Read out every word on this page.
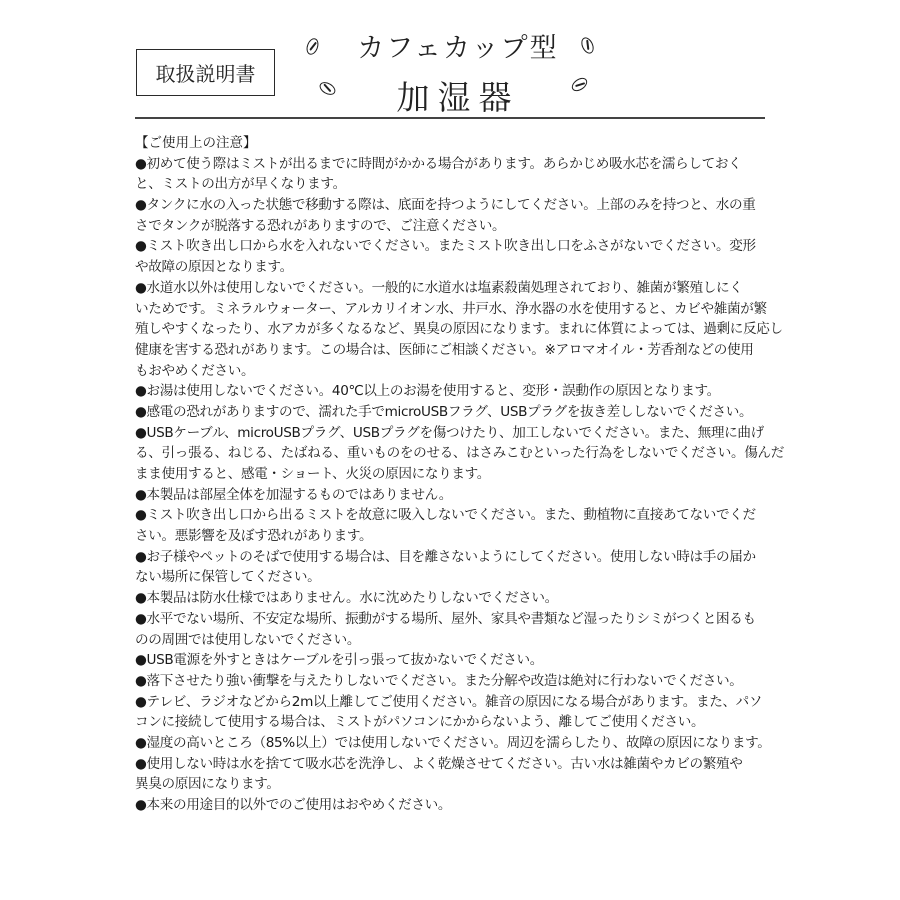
取扱説明書
カフェカップ型
加湿器
【ご使用上の注意】
●初めて使う際はミストが出るまでに時間がかかる場合があります。あらかじめ吸水芯を濡らしておく
と、ミストの出方が早くなります。
●タンクに水の入った状態で移動する際は、底面を持つようにしてください。上部のみを持つと、水の重
さでタンクが脱落する恐れがありますので、ご注意ください。
●ミスト吹き出し口から水を入れないでください。またミスト吹き出し口をふさがないでください。変形
や故障の原因となります。
●水道水以外は使用しないでください。一般的に水道水は塩素殺菌処理されており、雑菌が繁殖しにく
いためです。ミネラルウォーター、アルカリイオン水、井戸水、浄水器の水を使用すると、カビや雑菌が繁
殖しやすくなったり、水アカが多くなるなど、異臭の原因になります。まれに体質によっては、過剰に反応し
健康を害する恐れがあります。この場合は、医師にご相談ください。※アロマオイル・芳香剤などの使用
もおやめください。
●お湯は使用しないでください。40℃以上のお湯を使用すると、変形・誤動作の原因となります。
●感電の恐れがありますので、濡れた手でmicroUSBフラグ、USBプラグを抜き差ししないでください。
●USBケーブル、microUSBプラグ、USBプラグを傷つけたり、加工しないでください。また、無理に曲げ
る、引っ張る、ねじる、たばねる、重いものをのせる、はさみこむといった行為をしないでください。傷んだ
まま使用すると、感電・ショート、火災の原因になります。
●本製品は部屋全体を加湿するものではありません。
●ミスト吹き出し口から出るミストを故意に吸入しないでください。また、動植物に直接あてないでくだ
さい。悪影響を及ぼす恐れがあります。
●お子様やペットのそばで使用する場合は、目を離さないようにしてください。使用しない時は手の届か
ない場所に保管してください。
●本製品は防水仕様ではありません。水に沈めたりしないでください。
●水平でない場所、不安定な場所、振動がする場所、屋外、家具や書類など湿ったりシミがつくと困るも
のの周囲では使用しないでください。
●USB電源を外すときはケーブルを引っ張って抜かないでください。
●落下させたり強い衝撃を与えたりしないでください。また分解や改造は絶対に行わないでください。
●テレビ、ラジオなどから2m以上離してご使用ください。雑音の原因になる場合があります。また、パソ
コンに接続して使用する場合は、ミストがパソコンにかからないよう、離してご使用ください。
●湿度の高いところ（85%以上）では使用しないでください。周辺を濡らしたり、故障の原因になります。
●使用しない時は水を捨てて吸水芯を洗浄し、よく乾燥させてください。古い水は雑菌やカビの繁殖や
異臭の原因になります。
●本来の用途目的以外でのご使用はおやめください。
